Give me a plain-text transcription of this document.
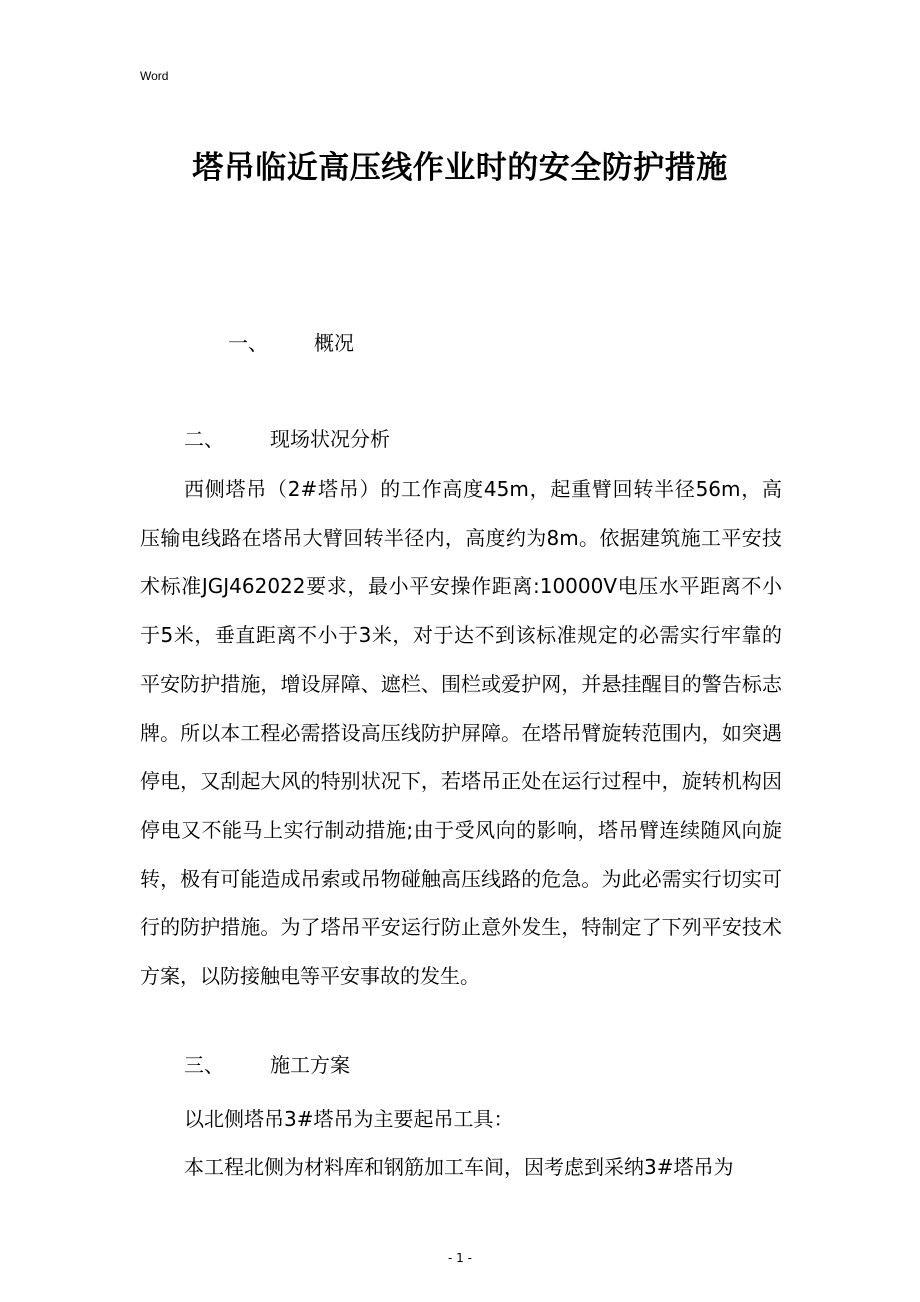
Word
塔吊临近高压线作业时的安全防护措施
一、 概况
二、 现场状况分析

西侧塔吊（2#塔吊）的工作高度45m，起重臂回转半径56m，高压输电线路在塔吊大臂回转半径内，高度约为8m。依据建筑施工平安技术标准JGJ462022要求，最小平安操作距离:10000V电压水平距离不小于5米，垂直距离不小于3米，对于达不到该标准规定的必需实行牢靠的平安防护措施，增设屏障、遮栏、围栏或爱护网，并悬挂醒目的警告标志牌。所以本工程必需搭设高压线防护屏障。在塔吊臂旋转范围内，如突遇停电，又刮起大风的特别状况下，若塔吊正处在运行过程中，旋转机构因停电又不能马上实行制动措施;由于受风向的影响，塔吊臂连续随风向旋转，极有可能造成吊索或吊物碰触高压线路的危急。为此必需实行切实可行的防护措施。为了塔吊平安运行防止意外发生，特制定了下列平安技术方案，以防接触电等平安事故的发生。

三、 施工方案

以北侧塔吊3#塔吊为主要起吊工具：

本工程北侧为材料库和钢筋加工车间，因考虑到采纳3#塔吊为

- 1 -
